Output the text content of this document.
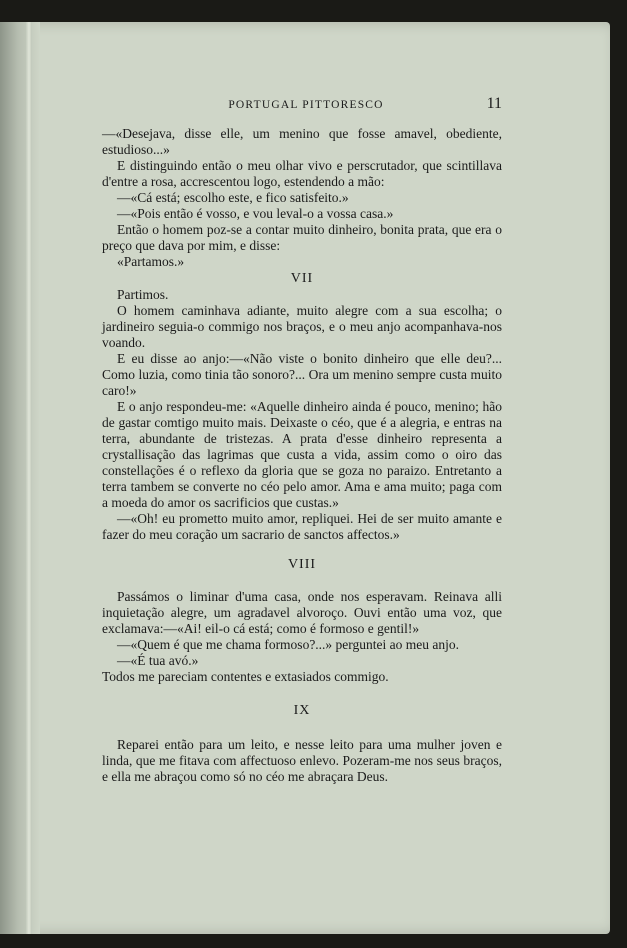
PORTUGAL PITTORESCO	11

—«Desejava, disse elle, um menino que fosse amavel, obediente, estudioso...»

E distinguindo então o meu olhar vivo e perscrutador, que scintillava d'entre a rosa, accrescentou logo, estendendo a mão:

—«Cá está; escolho este, e fico satisfeito.»

—«Pois então é vosso, e vou leval-o a vossa casa.»

Então o homem poz-se a contar muito dinheiro, bonita prata, que era o preço que dava por mim, e disse:

«Partamos.»

VII

Partimos.

O homem caminhava adiante, muito alegre com a sua escolha; o jardineiro seguia-o commigo nos braços, e o meu anjo acompanhava-nos voando.

E eu disse ao anjo:—«Não viste o bonito dinheiro que elle deu?... Como luzia, como tinia tão sonoro?... Ora um menino sempre custa muito caro!»

E o anjo respondeu-me: «Aquelle dinheiro ainda é pouco, menino; hão de gastar comtigo muito mais. Deixaste o céo, que é a alegria, e entras na terra, abundante de tristezas. A prata d'esse dinheiro representa a crystallisação das lagrimas que custa a vida, assim como o oiro das constellações é o reflexo da gloria que se goza no paraizo. Entretanto a terra tambem se converte no céo pelo amor. Ama e ama muito; paga com a moeda do amor os sacrificios que custas.»

—«Oh! eu prometto muito amor, repliquei. Hei de ser muito amante e fazer do meu coração um sacrario de sanctos affectos.»

VIII

Passámos o liminar d'uma casa, onde nos esperavam. Reinava alli inquietação alegre, um agradavel alvoroço. Ouvi então uma voz, que exclamava:—«Ai! eil-o cá está; como é formoso e gentil!»

—«Quem é que me chama formoso?...» perguntei ao meu anjo.

—«É tua avó.»

Todos me pareciam contentes e extasiados commigo.

IX

Reparei então para um leito, e nesse leito para uma mulher joven e linda, que me fitava com affectuoso enlevo. Pozeram-me nos seus braços, e ella me abraçou como só no céo me abraçara Deus.
